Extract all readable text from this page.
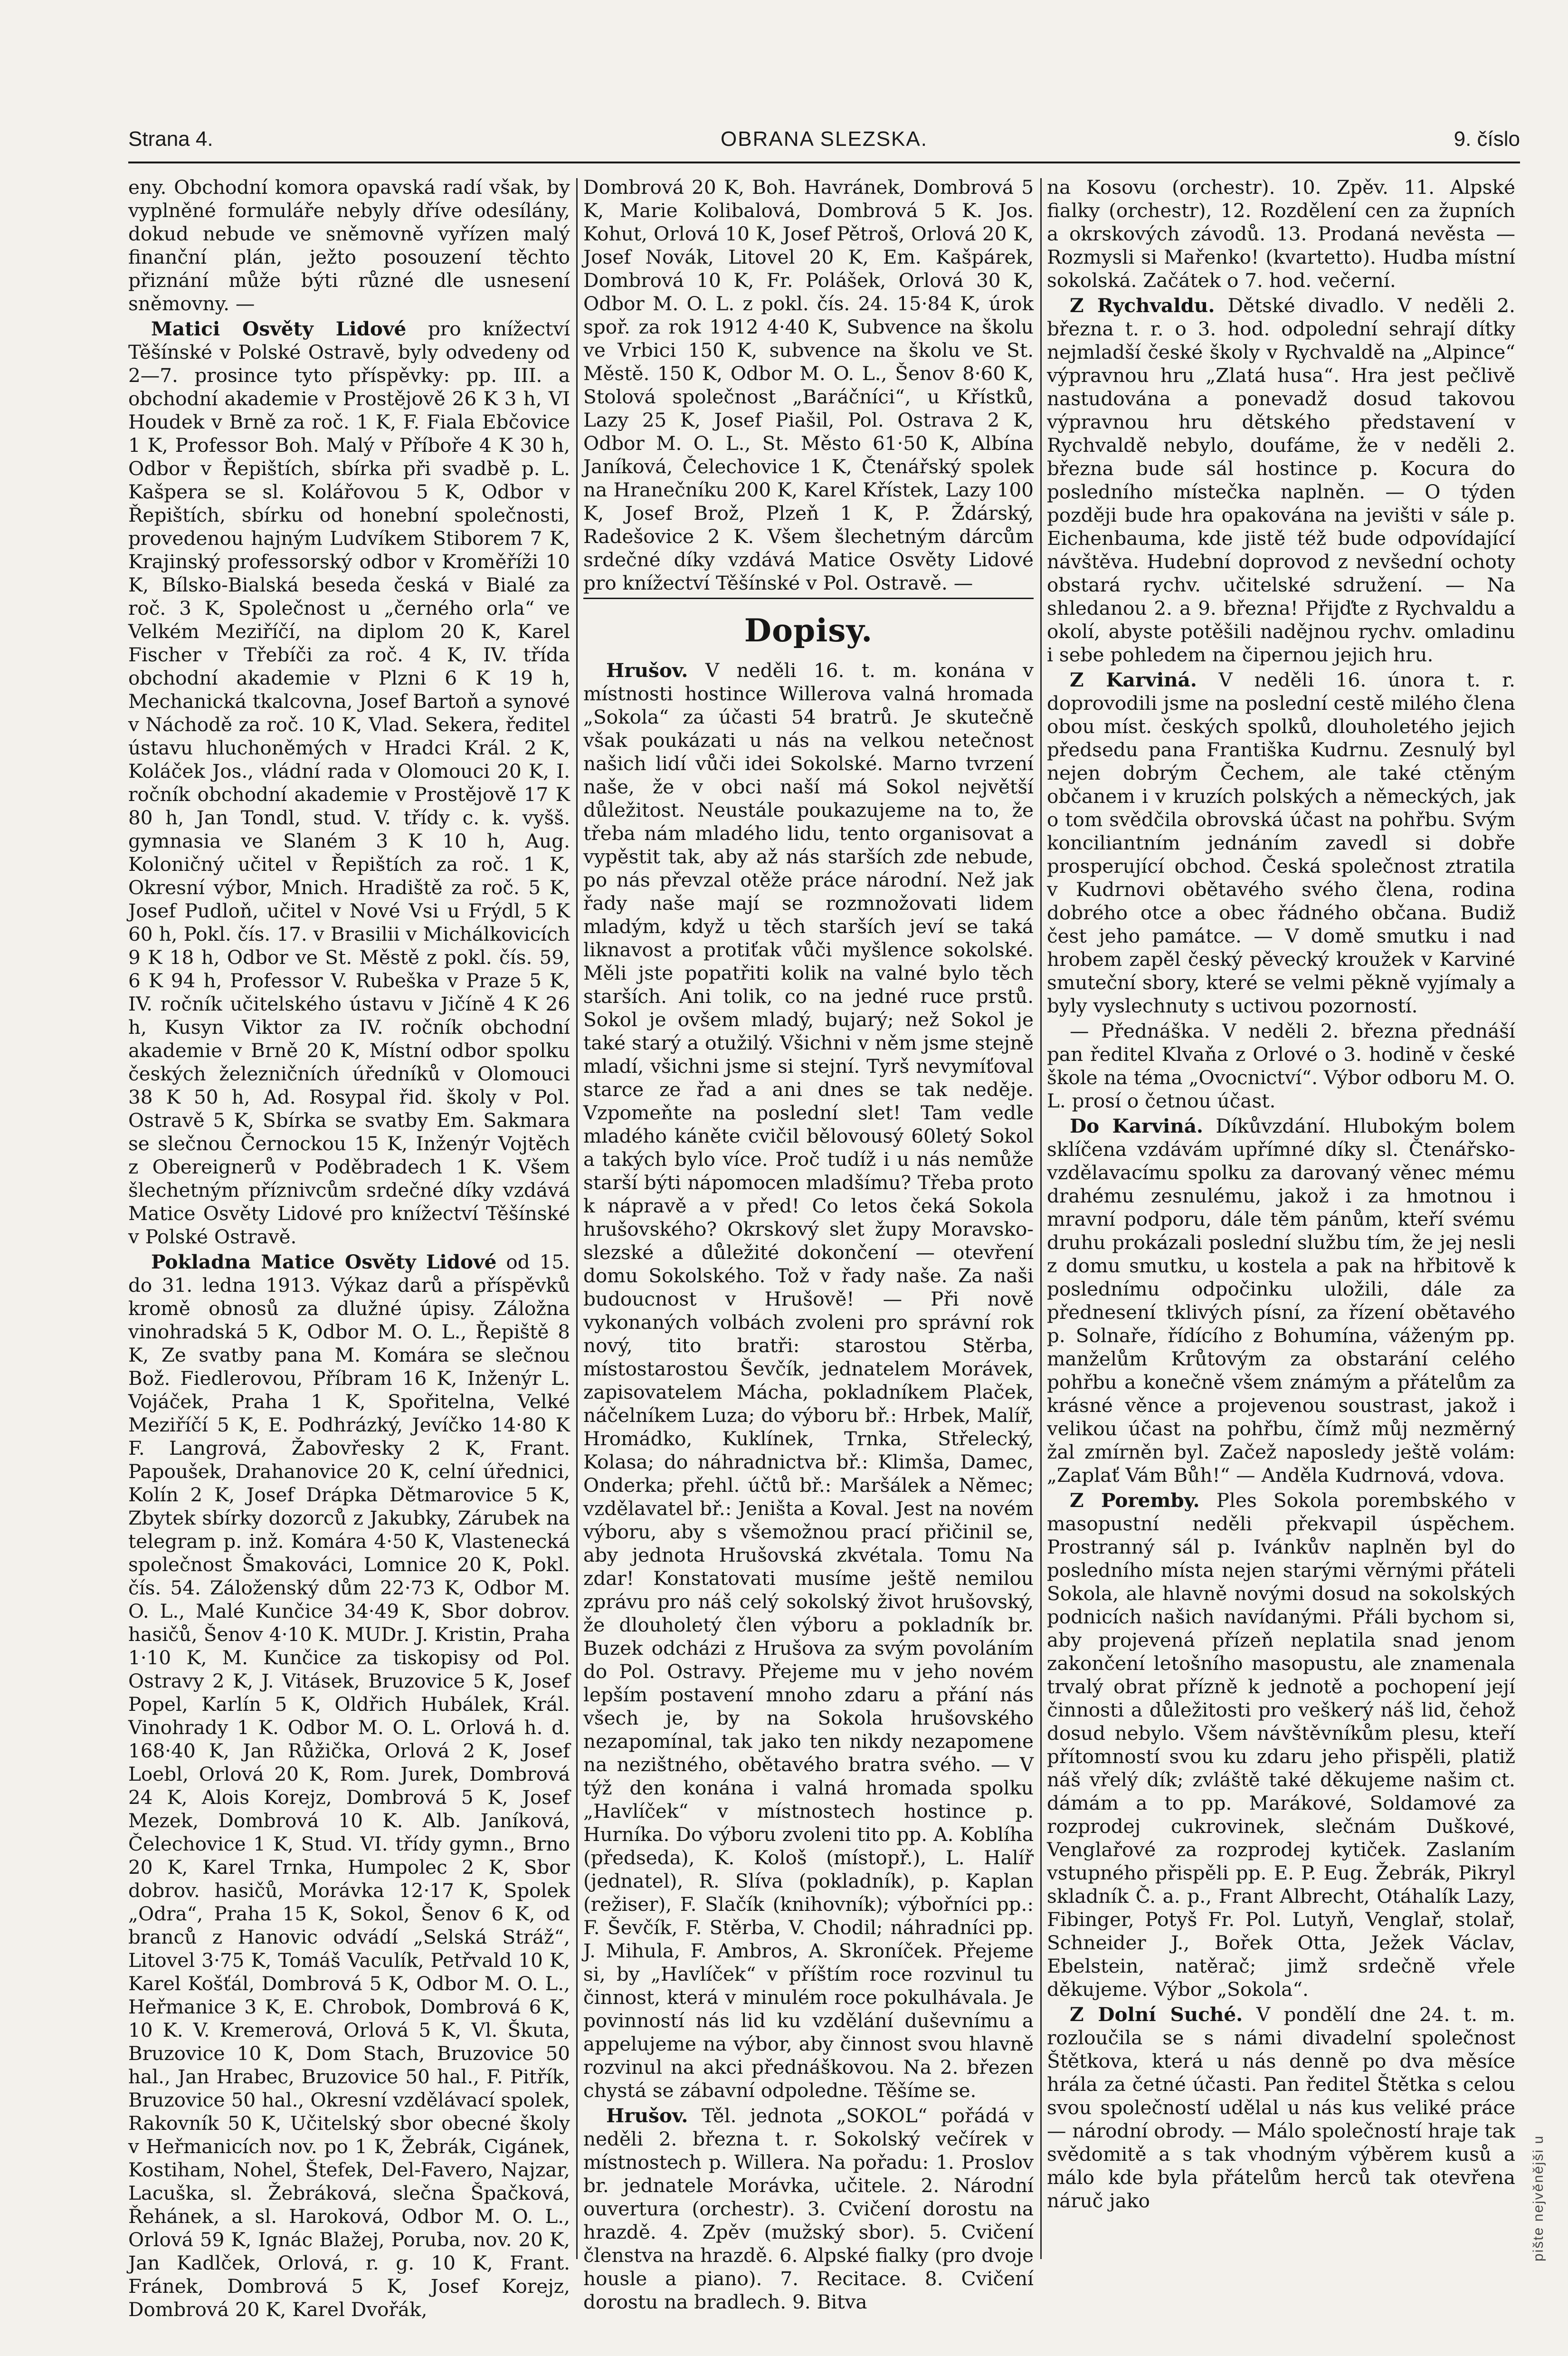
Strana 4.	OBRANA SLEZSKA.	9. číslo

eny. Obchodní komora opavská radí však, by vyplněné formuláře nebyly dříve odesílány, dokud nebude ve sněmovně vyřízen malý finanční plán, ježto posouzení těchto přiznání může býti různé dle usnesení sněmovny. —

Matici Osvěty Lidové pro knížectví Těšínské v Polské Ostravě, byly odvedeny od 2—7. prosince tyto příspěvky: pp. III. a obchodní akademie v Prostějově 26 K 3 h, VI Houdek v Brně za roč. 1 K, F. Fiala Ebčovice 1 K, Professor Boh. Malý v Příboře 4 K 30 h, Odbor v Řepištích, sbírka při svadbě p. L. Kašpera se sl. Kolářovou 5 K, Odbor v Řepištích, sbírku od honební společnosti, provedenou hajným Ludvíkem Stiborem 7 K, Krajinský professorský odbor v Kroměříži 10 K, Bílsko-Bialská beseda česká v Bialé za roč. 3 K, Společnost u „černého orla“ ve Velkém Meziříčí, na diplom 20 K, Karel Fischer v Třebíči za roč. 4 K, IV. třída obchodní akademie v Plzni 6 K 19 h, Mechanická tkalcovna, Josef Bartoň a synové v Náchodě za roč. 10 K, Vlad. Sekera, ředitel ústavu hluchoněmých v Hradci Král. 2 K, Koláček Jos., vládní rada v Olomouci 20 K, I. ročník obchodní akademie v Prostějově 17 K 80 h, Jan Tondl, stud. V. třídy c. k. vyšš. gymnasia ve Slaném 3 K 10 h, Aug. Koloničný učitel v Řepištích za roč. 1 K, Okresní výbor, Mnich. Hradiště za roč. 5 K, Josef Pudloň, učitel v Nové Vsi u Frýdl, 5 K 60 h, Pokl. čís. 17. v Brasilii v Michálkovicích 9 K 18 h, Odbor ve St. Městě z pokl. čís. 59, 6 K 94 h, Professor V. Rubeška v Praze 5 K, IV. ročník učitelského ústavu v Jičíně 4 K 26 h, Kusyn Viktor za IV. ročník obchodní akademie v Brně 20 K, Místní odbor spolku českých železničních úředníků v Olomouci 38 K 50 h, Ad. Rosypal řid. školy v Pol. Ostravě 5 K, Sbírka se svatby Em. Sakmara se slečnou Černockou 15 K, Inženýr Vojtěch z Obereignerů v Poděbradech 1 K. Všem šlechetným příznivcům srdečné díky vzdává Matice Osvěty Lidové pro knížectví Těšínské v Polské Ostravě.

Pokladna Matice Osvěty Lidové od 15. do 31. ledna 1913. Výkaz darů a příspěvků kromě obnosů za dlužné úpisy. Záložna vinohradská 5 K, Odbor M. O. L., Řepiště 8 K, Ze svatby pana M. Komára se slečnou Bož. Fiedlerovou, Příbram 16 K, Inženýr L. Vojáček, Praha 1 K, Spořitelna, Velké Meziříčí 5 K, E. Podhrázký, Jevíčko 14·80 K F. Langrová, Žabovřesky 2 K, Frant. Papoušek, Drahanovice 20 K, celní úřednici, Kolín 2 K, Josef Drápka Dětmarovice 5 K, Zbytek sbírky dozorců z Jakubky, Zárubek na telegram p. inž. Komára 4·50 K, Vlastenecká společnost Šmakováci, Lomnice 20 K, Pokl. čís. 54. Záloženský dům 22·73 K, Odbor M. O. L., Malé Kunčice 34·49 K, Sbor dobrov. hasičů, Šenov 4·10 K. MUDr. J. Kristin, Praha 1·10 K, M. Kunčice za tiskopisy od Pol. Ostravy 2 K, J. Vitásek, Bruzovice 5 K, Josef Popel, Karlín 5 K, Oldřich Hubálek, Král. Vinohrady 1 K. Odbor M. O. L. Orlová h. d. 168·40 K, Jan Růžička, Orlová 2 K, Josef Loebl, Orlová 20 K, Rom. Jurek, Dombrová 24 K, Alois Korejz, Dombrová 5 K, Josef Mezek, Dombrová 10 K. Alb. Janíková, Čelechovice 1 K, Stud. VI. třídy gymn., Brno 20 K, Karel Trnka, Humpolec 2 K, Sbor dobrov. hasičů, Morávka 12·17 K, Spolek „Odra“, Praha 15 K, Sokol, Šenov 6 K, od branců z Hanovic odvádí „Selská Stráž“, Litovel 3·75 K, Tomáš Vaculík, Petřvald 10 K, Karel Košťál, Dombrová 5 K, Odbor M. O. L., Heřmanice 3 K, E. Chrobok, Dombrová 6 K, 10 K. V. Kremerová, Orlová 5 K, Vl. Škuta, Bruzovice 10 K, Dom Stach, Bruzovice 50 hal., Jan Hrabec, Bruzovice 50 hal., F. Pitřík, Bruzovice 50 hal., Okresní vzdělávací spolek, Rakovník 50 K, Učitelský sbor obecné školy v Heřmanicích nov. po 1 K, Žebrák, Cigánek, Kostiham, Nohel, Štefek, Del-Favero, Najzar, Lacuška, sl. Žebráková, slečna Špačková, Řehánek, a sl. Haroková, Odbor M. O. L., Orlová 59 K, Ignác Blažej, Poruba, nov. 20 K, Jan Kadlček, Orlová, r. g. 10 K, Frant. Fránek, Dombrová 5 K, Josef Korejz, Dombrová 20 K, Karel Dvořák,

Dombrová 20 K, Boh. Havránek, Dombrová 5 K, Marie Kolibalová, Dombrová 5 K. Jos. Kohut, Orlová 10 K, Josef Pětroš, Orlová 20 K, Josef Novák, Litovel 20 K, Em. Kašpárek, Dombrová 10 K, Fr. Polášek, Orlová 30 K, Odbor M. O. L. z pokl. čís. 24. 15·84 K, úrok spoř. za rok 1912 4·40 K, Subvence na školu ve Vrbici 150 K, subvence na školu ve St. Městě. 150 K, Odbor M. O. L., Šenov 8·60 K, Stolová společnost „Baráčníci“, u Křístků, Lazy 25 K, Josef Piašil, Pol. Ostrava 2 K, Odbor M. O. L., St. Město 61·50 K, Albína Janíková, Čelechovice 1 K, Čtenářský spolek na Hranečníku 200 K, Karel Křístek, Lazy 100 K, Josef Brož, Plzeň 1 K, P. Ždárský, Radešovice 2 K. Všem šlechetným dárcům srdečné díky vzdává Matice Osvěty Lidové pro knížectví Těšínské v Pol. Ostravě. —

Dopisy.

Hrušov. V neděli 16. t. m. konána v místnosti hostince Willerova valná hromada „Sokola“ za účasti 54 bratrů. Je skutečně však poukázati u nás na velkou netečnost našich lidí vůči idei Sokolské. Marno tvrzení naše, že v obci naší má Sokol největší důležitost. Neustále poukazujeme na to, že třeba nám mladého lidu, tento organisovat a vypěstit tak, aby až nás starších zde nebude, po nás převzal otěže práce národní. Než jak řady naše mají se rozmnožovati lidem mladým, když u těch starších jeví se taká liknavost a protiťak vůči myšlence sokolské. Měli jste popatřiti kolik na valné bylo těch starších. Ani tolik, co na jedné ruce prstů. Sokol je ovšem mladý, bujarý; než Sokol je také starý a otužilý. Všichni v něm jsme stejně mladí, všichni jsme si stejní. Tyrš nevymíťoval starce ze řad a ani dnes se tak neděje. Vzpomeňte na poslední slet! Tam vedle mladého káněte cvičil bělovousý 60letý Sokol a takých bylo více. Proč tudíž i u nás nemůže starší býti nápomocen mladšímu? Třeba proto k nápravě a v před! Co letos čeká Sokola hrušovského? Okrskový slet župy Moravsko-slezské a důležité dokončení — otevření domu Sokolského. Tož v řady naše. Za naši budoucnost v Hrušově! — Při nově vykonaných volbách zvoleni pro správní rok nový, tito bratři: starostou Stěrba, místostarostou Ševčík, jednatelem Morávek, zapisovatelem Mácha, pokladníkem Plaček, náčelníkem Luza; do výboru bř.: Hrbek, Malíř, Hromádko, Kuklínek, Trnka, Střelecký, Kolasa; do náhradnictva bř.: Klimša, Damec, Onderka; přehl. účtů bř.: Maršálek a Němec; vzdělavatel bř.: Jeništa a Koval. Jest na novém výboru, aby s všemožnou prací přičinil se, aby jednota Hrušovská zkvétala. Tomu Na zdar! Konstatovati musíme ještě nemilou zprávu pro náš celý sokolský život hrušovský, že dlouholetý člen výboru a pokladník br. Buzek odcházi z Hrušova za svým povoláním do Pol. Ostravy. Přejeme mu v jeho novém lepším postavení mnoho zdaru a přání nás všech je, by na Sokola hrušovského nezapomínal, tak jako ten nikdy nezapomene na nezištného, obětavého bratra svého. — V týž den konána i valná hromada spolku „Havlíček“ v místnostech hostince p. Hurníka. Do výboru zvoleni tito pp. A. Koblíha (předseda), K. Kološ (místopř.), L. Halíř (jednatel), R. Slíva (pokladník), p. Kaplan (režiser), F. Slačík (knihovník); výbořníci pp.: F. Ševčík, F. Stěrba, V. Chodil; náhradníci pp. J. Mihula, F. Ambros, A. Skroníček. Přejeme si, by „Havlíček“ v příštím roce rozvinul tu činnost, která v minulém roce pokulhávala. Je povinností nás lid ku vzdělání duševnímu a appelujeme na výbor, aby činnost svou hlavně rozvinul na akci přednáškovou. Na 2. březen chystá se zábavní odpoledne. Těšíme se.

Hrušov. Těl. jednota „SOKOL“ pořádá v neděli 2. března t. r. Sokolský večírek v místnostech p. Willera. Na pořadu: 1. Proslov br. jednatele Morávka, učitele. 2. Národní ouvertura (orchestr). 3. Cvičení dorostu na hrazdě. 4. Zpěv (mužský sbor). 5. Cvičení členstva na hrazdě. 6. Alpské fialky (pro dvoje housle a piano). 7. Recitace. 8. Cvičení dorostu na bradlech. 9. Bitva

na Kosovu (orchestr). 10. Zpěv. 11. Alpské fialky (orchestr), 12. Rozdělení cen za župních a okrskových závodů. 13. Prodaná nevěsta — Rozmysli si Mařenko! (kvartetto). Hudba místní sokolská. Začátek o 7. hod. večerní.

Z Rychvaldu. Dětské divadlo. V neděli 2. března t. r. o 3. hod. odpolední sehrají dítky nejmladší české školy v Rychvaldě na „Alpince“ výpravnou hru „Zlatá husa“. Hra jest pečlivě nastudována a ponevadž dosud takovou výpravnou hru dětského představení v Rychvaldě nebylo, doufáme, že v neděli 2. března bude sál hostince p. Kocura do posledního místečka naplněn. — O týden později bude hra opakována na jevišti v sále p. Eichenbauma, kde jistě též bude odpovídající návštěva. Hudební doprovod z nevšední ochoty obstará rychv. učitelské sdružení. — Na shledanou 2. a 9. března! Přijďte z Rychvaldu a okolí, abyste potěšili nadějnou rychv. omladinu i sebe pohledem na čipernou jejich hru.

Z Karviná. V neděli 16. února t. r. doprovodili jsme na poslední cestě milého člena obou míst. českých spolků, dlouholetého jejich předsedu pana Františka Kudrnu. Zesnulý byl nejen dobrým Čechem, ale také ctěným občanem i v kruzích polských a německých, jak o tom svědčila obrovská účast na pohřbu. Svým konciliantním jednáním zavedl si dobře prosperující obchod. Česká společnost ztratila v Kudrnovi obětavého svého člena, rodina dobrého otce a obec řádného občana. Budiž čest jeho památce. — V domě smutku i nad hrobem zapěl český pěvecký kroužek v Karviné smuteční sbory, které se velmi pěkně vyjímaly a byly vyslechnuty s uctivou pozorností.

— Přednáška. V neděli 2. března přednáší pan ředitel Klvaňa z Orlové o 3. hodině v české škole na téma „Ovocnictví“. Výbor odboru M. O. L. prosí o četnou účast.

Do Karviná. Díkůvzdání. Hlubokým bolem sklíčena vzdávám upřímné díky sl. Čtenářsko-vzdělavacímu spolku za darovaný věnec mému drahému zesnulému, jakož i za hmotnou i mravní podporu, dále těm pánům, kteří svému druhu prokázali poslední službu tím, že jej nesli z domu smutku, u kostela a pak na hřbitově k poslednímu odpočinku uložili, dále za přednesení tklivých písní, za řízení obětavého p. Solnaře, řídícího z Bohumína, váženým pp. manželům Krůtovým za obstarání celého pohřbu a konečně všem známým a přátelům za krásné věnce a projevenou soustrast, jakož i velikou účast na pohřbu, čímž můj nezměrný žal zmírněn byl. Začež naposledy ještě volám: „Zaplať Vám Bůh!“ — Anděla Kudrnová, vdova.

Z Poremby. Ples Sokola porembského v masopustní neděli překvapil úspěchem. Prostranný sál p. Ivánkův naplněn byl do posledního místa nejen starými věrnými přáteli Sokola, ale hlavně novými dosud na sokolských podnicích našich navídanými. Přáli bychom si, aby projevená přízeň neplatila snad jenom zakončení letošního masopustu, ale znamenala trvalý obrat přízně k jednotě a pochopení její činnosti a důležitosti pro veškerý náš lid, čehož dosud nebylo. Všem návštěvníkům plesu, kteří přítomností svou ku zdaru jeho přispěli, platiž náš vřelý dík; zvláště také děkujeme našim ct. dámám a to pp. Marákové, Soldamové za rozprodej cukrovinek, slečnám Duškové, Venglařové za rozprodej kytiček. Zaslaním vstupného přispěli pp. E. P. Eug. Žebrák, Pikryl skladník Č. a. p., Frant Albrecht, Otáhalík Lazy, Fibinger, Potyš Fr. Pol. Lutyň, Venglař, stolař, Schneider J., Bořek Otta, Ježek Václav, Ebelstein, natěrač; jimž srdečně vřele děkujeme. Výbor „Sokola“.

Z Dolní Suché. V pondělí dne 24. t. m. rozloučila se s námi divadelní společnost Štětkova, která u nás denně po dva měsíce hrála za četné účasti. Pan ředitel Štětka s celou svou společností udělal u nás kus veliké práce — národní obrody. — Málo společností hraje tak svědomitě a s tak vhodným výběrem kusů a málo kde byla přátelům herců tak otevřena náruč jako	pište nejvěnějši u
